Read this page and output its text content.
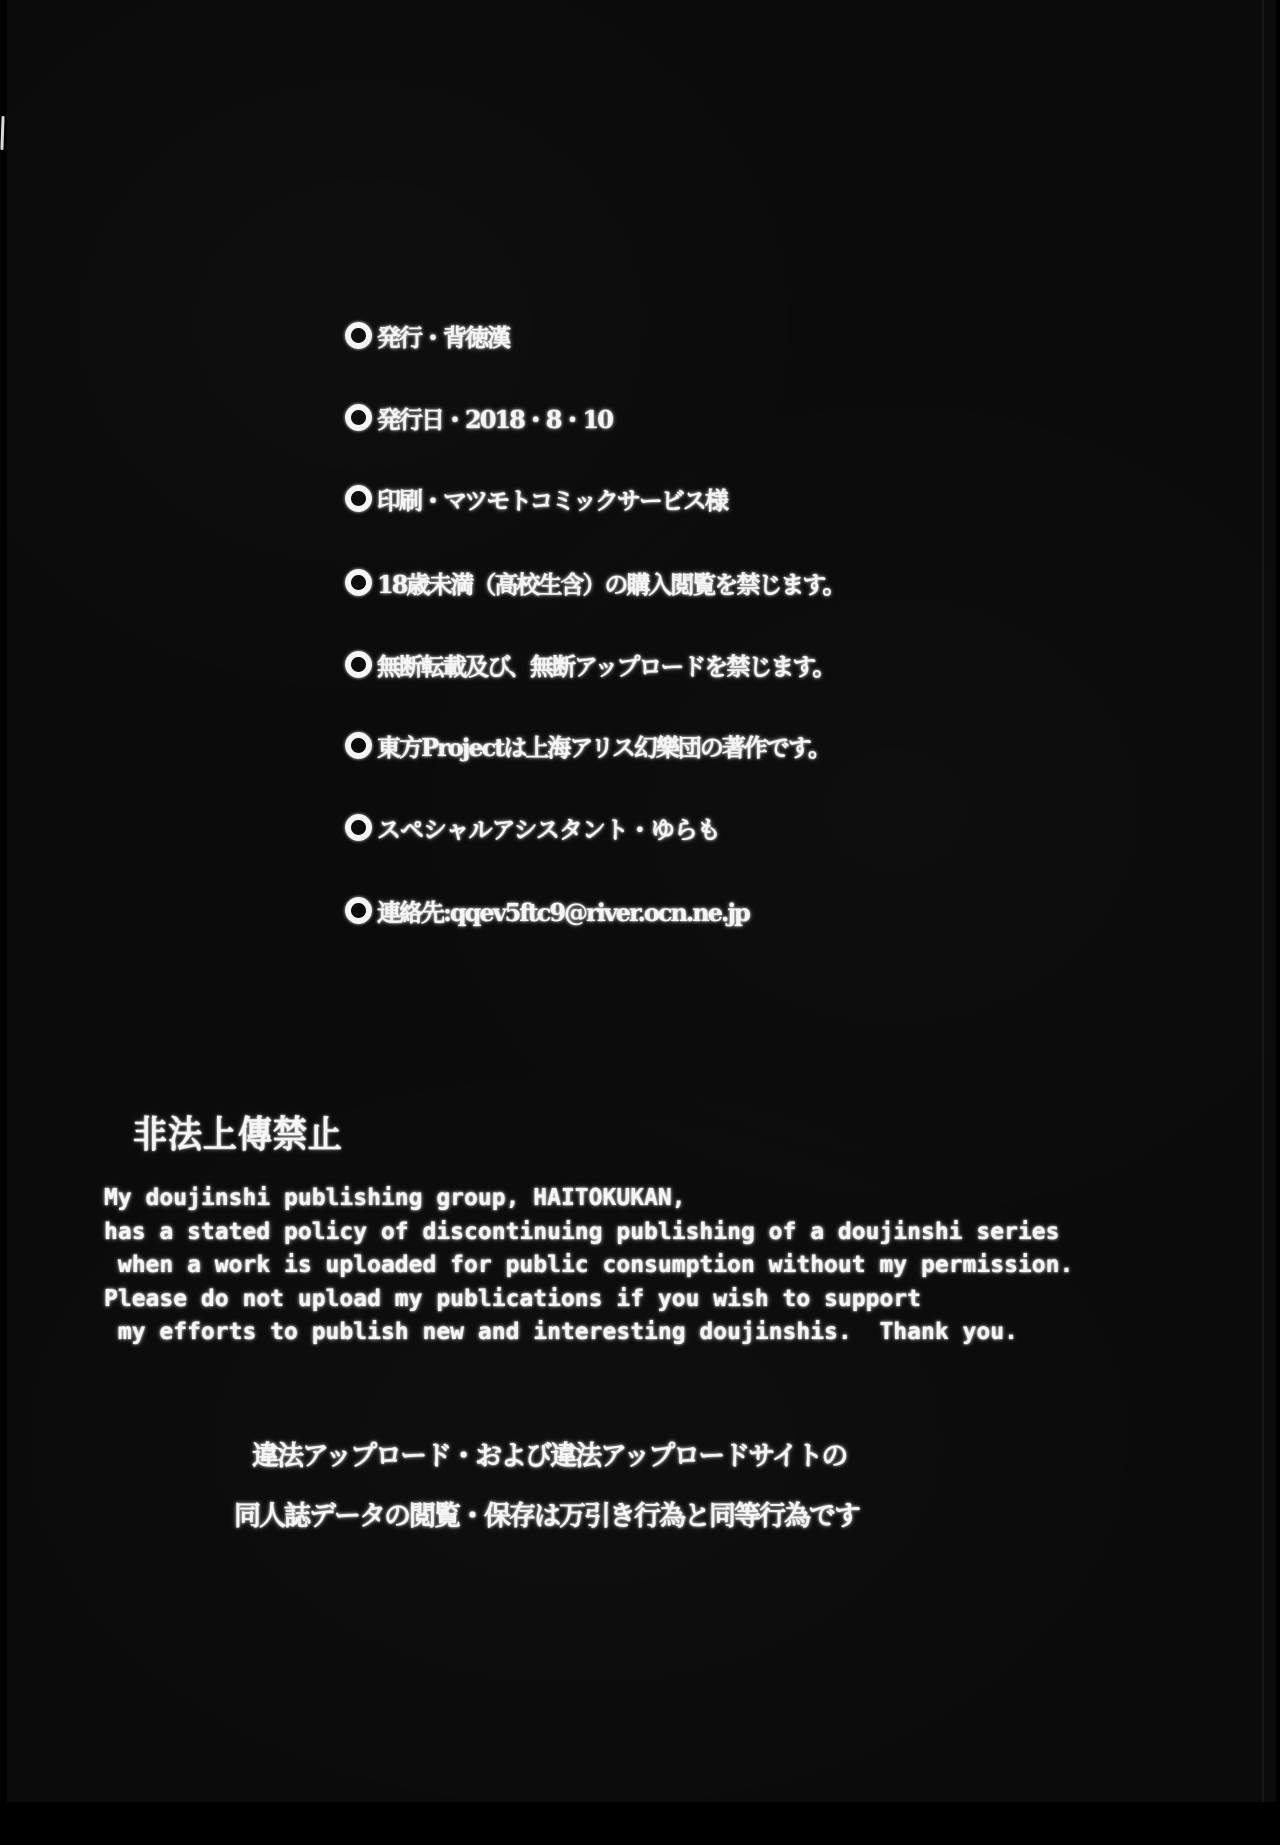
発行・背徳漢
発行日・2018・8・10
印刷・マツモトコミックサービス様
18歳未満（高校生含）の購入閲覧を禁じます。
無断転載及び、無断アップロードを禁じます。
東方Projectは上海アリス幻樂団の著作です。
スペシャルアシスタント・ゆらも
連絡先:qqev5ftc9@river.ocn.ne.jp
非法上傳禁止
My doujinshi publishing group, HAITOKUKAN,
has a stated policy of discontinuing publishing of a doujinshi series
when a work is uploaded for public consumption without my permission.
Please do not upload my publications if you wish to support
my efforts to publish new and interesting doujinshis.  Thank you.
違法アップロード・および違法アップロードサイトの
同人誌データの閲覧・保存は万引き行為と同等行為です
